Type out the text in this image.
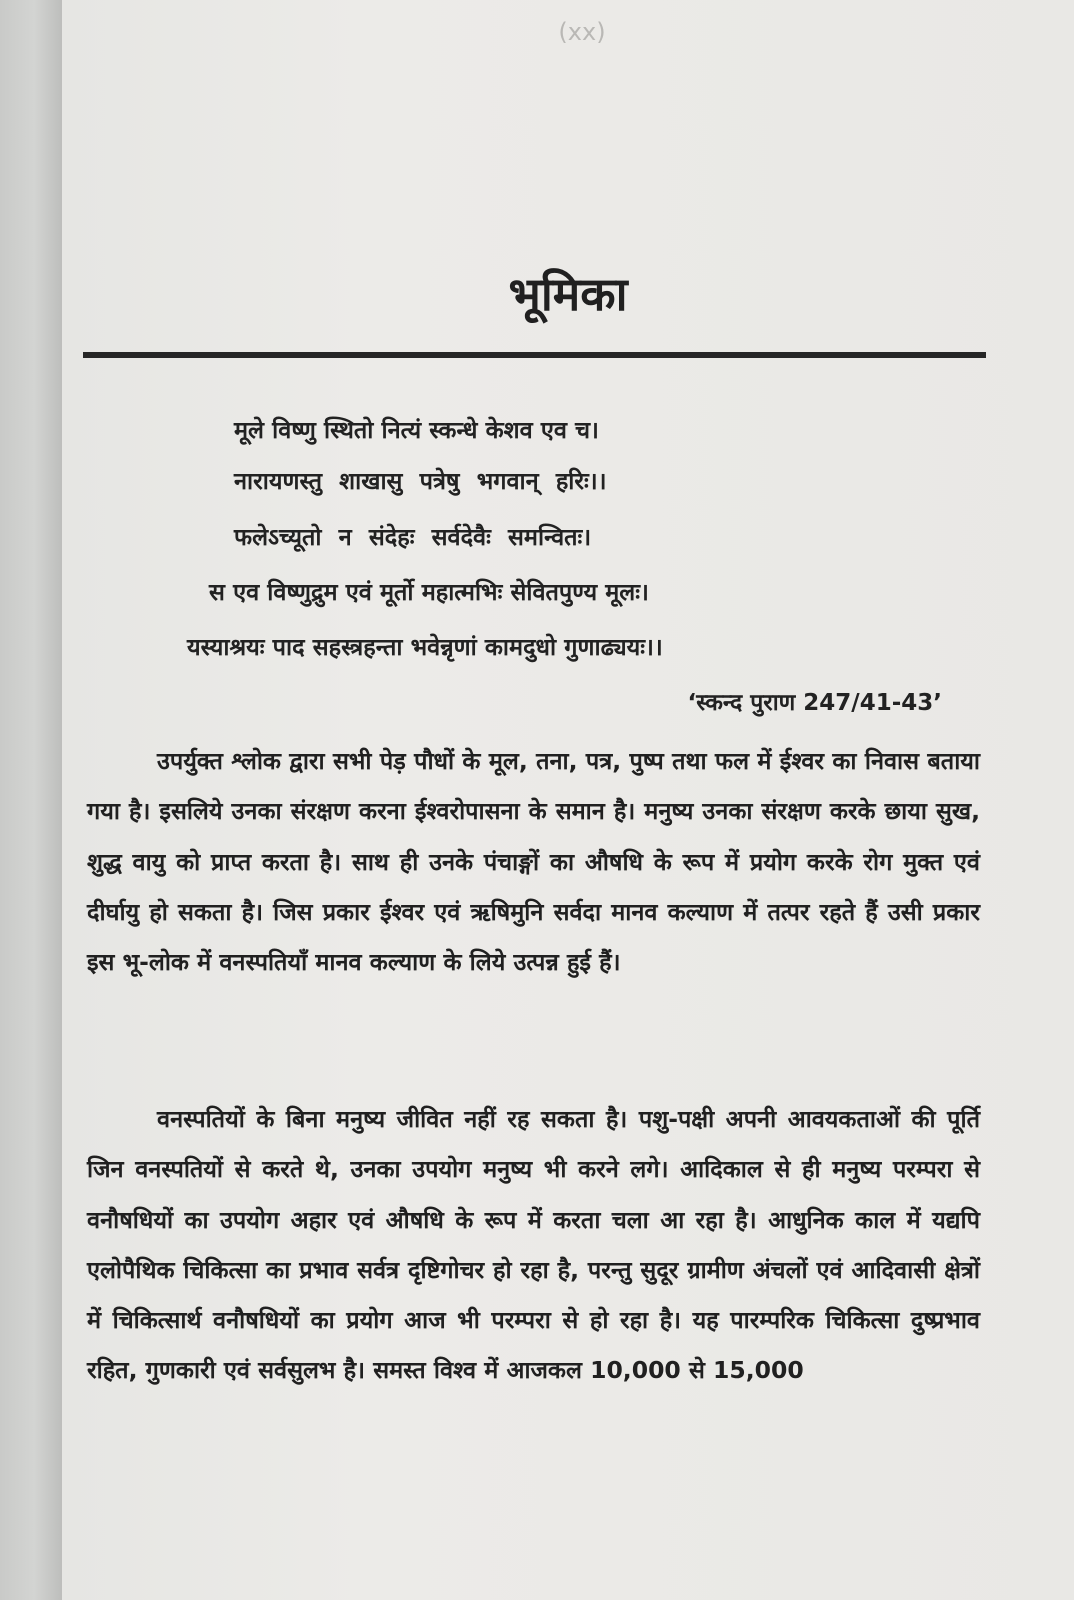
(xx)
भूमिका
मूले विष्णु स्थितो नित्यं स्कन्धे केशव एव च।
नारायणस्तु शाखासु पत्रेषु भगवान् हरिः।।
फलेऽच्यूतो न संदेहः सर्वदेवैः समन्वितः।
स एव विष्णुद्रुम एवं मूर्तो महात्मभिः सेवितपुण्य मूलः।
यस्याश्रयः पाद सहस्त्रहन्ता भवेन्नृणां कामदुधो गुणाढ्ययः।।
‘स्कन्द पुराण 247/41-43’

उपर्युक्त श्लोक द्वारा सभी पेड़ पौधों के मूल, तना, पत्र, पुष्प तथा फल में ईश्वर का निवास बताया गया है। इसलिये उनका संरक्षण करना ईश्वरोपासना के समान है। मनुष्य उनका संरक्षण करके छाया सुख, शुद्ध वायु को प्राप्त करता है। साथ ही उनके पंचाङ्गों का औषधि के रूप में प्रयोग करके रोग मुक्त एवं दीर्घायु हो सकता है। जिस प्रकार ईश्वर एवं ऋषिमुनि सर्वदा मानव कल्याण में तत्पर रहते हैं उसी प्रकार इस भू-लोक में वनस्पतियाँ मानव कल्याण के लिये उत्पन्न हुई हैं।

वनस्पतियों के बिना मनुष्य जीवित नहीं रह सकता है। पशु-पक्षी अपनी आवयकताओं की पूर्ति जिन वनस्पतियों से करते थे, उनका उपयोग मनुष्य भी करने लगे। आदिकाल से ही मनुष्य परम्परा से वनौषधियों का उपयोग अहार एवं औषधि के रूप में करता चला आ रहा है। आधुनिक काल में यद्यपि एलोपैथिक चिकित्सा का प्रभाव सर्वत्र दृष्टिगोचर हो रहा है, परन्तु सुदूर ग्रामीण अंचलों एवं आदिवासी क्षेत्रों में चिकित्सार्थ वनौषधियों का प्रयोग आज भी परम्परा से हो रहा है। यह पारम्परिक चिकित्सा दुष्प्रभाव रहित, गुणकारी एवं सर्वसुलभ है। समस्त विश्व में आजकल 10,000 से 15,000
